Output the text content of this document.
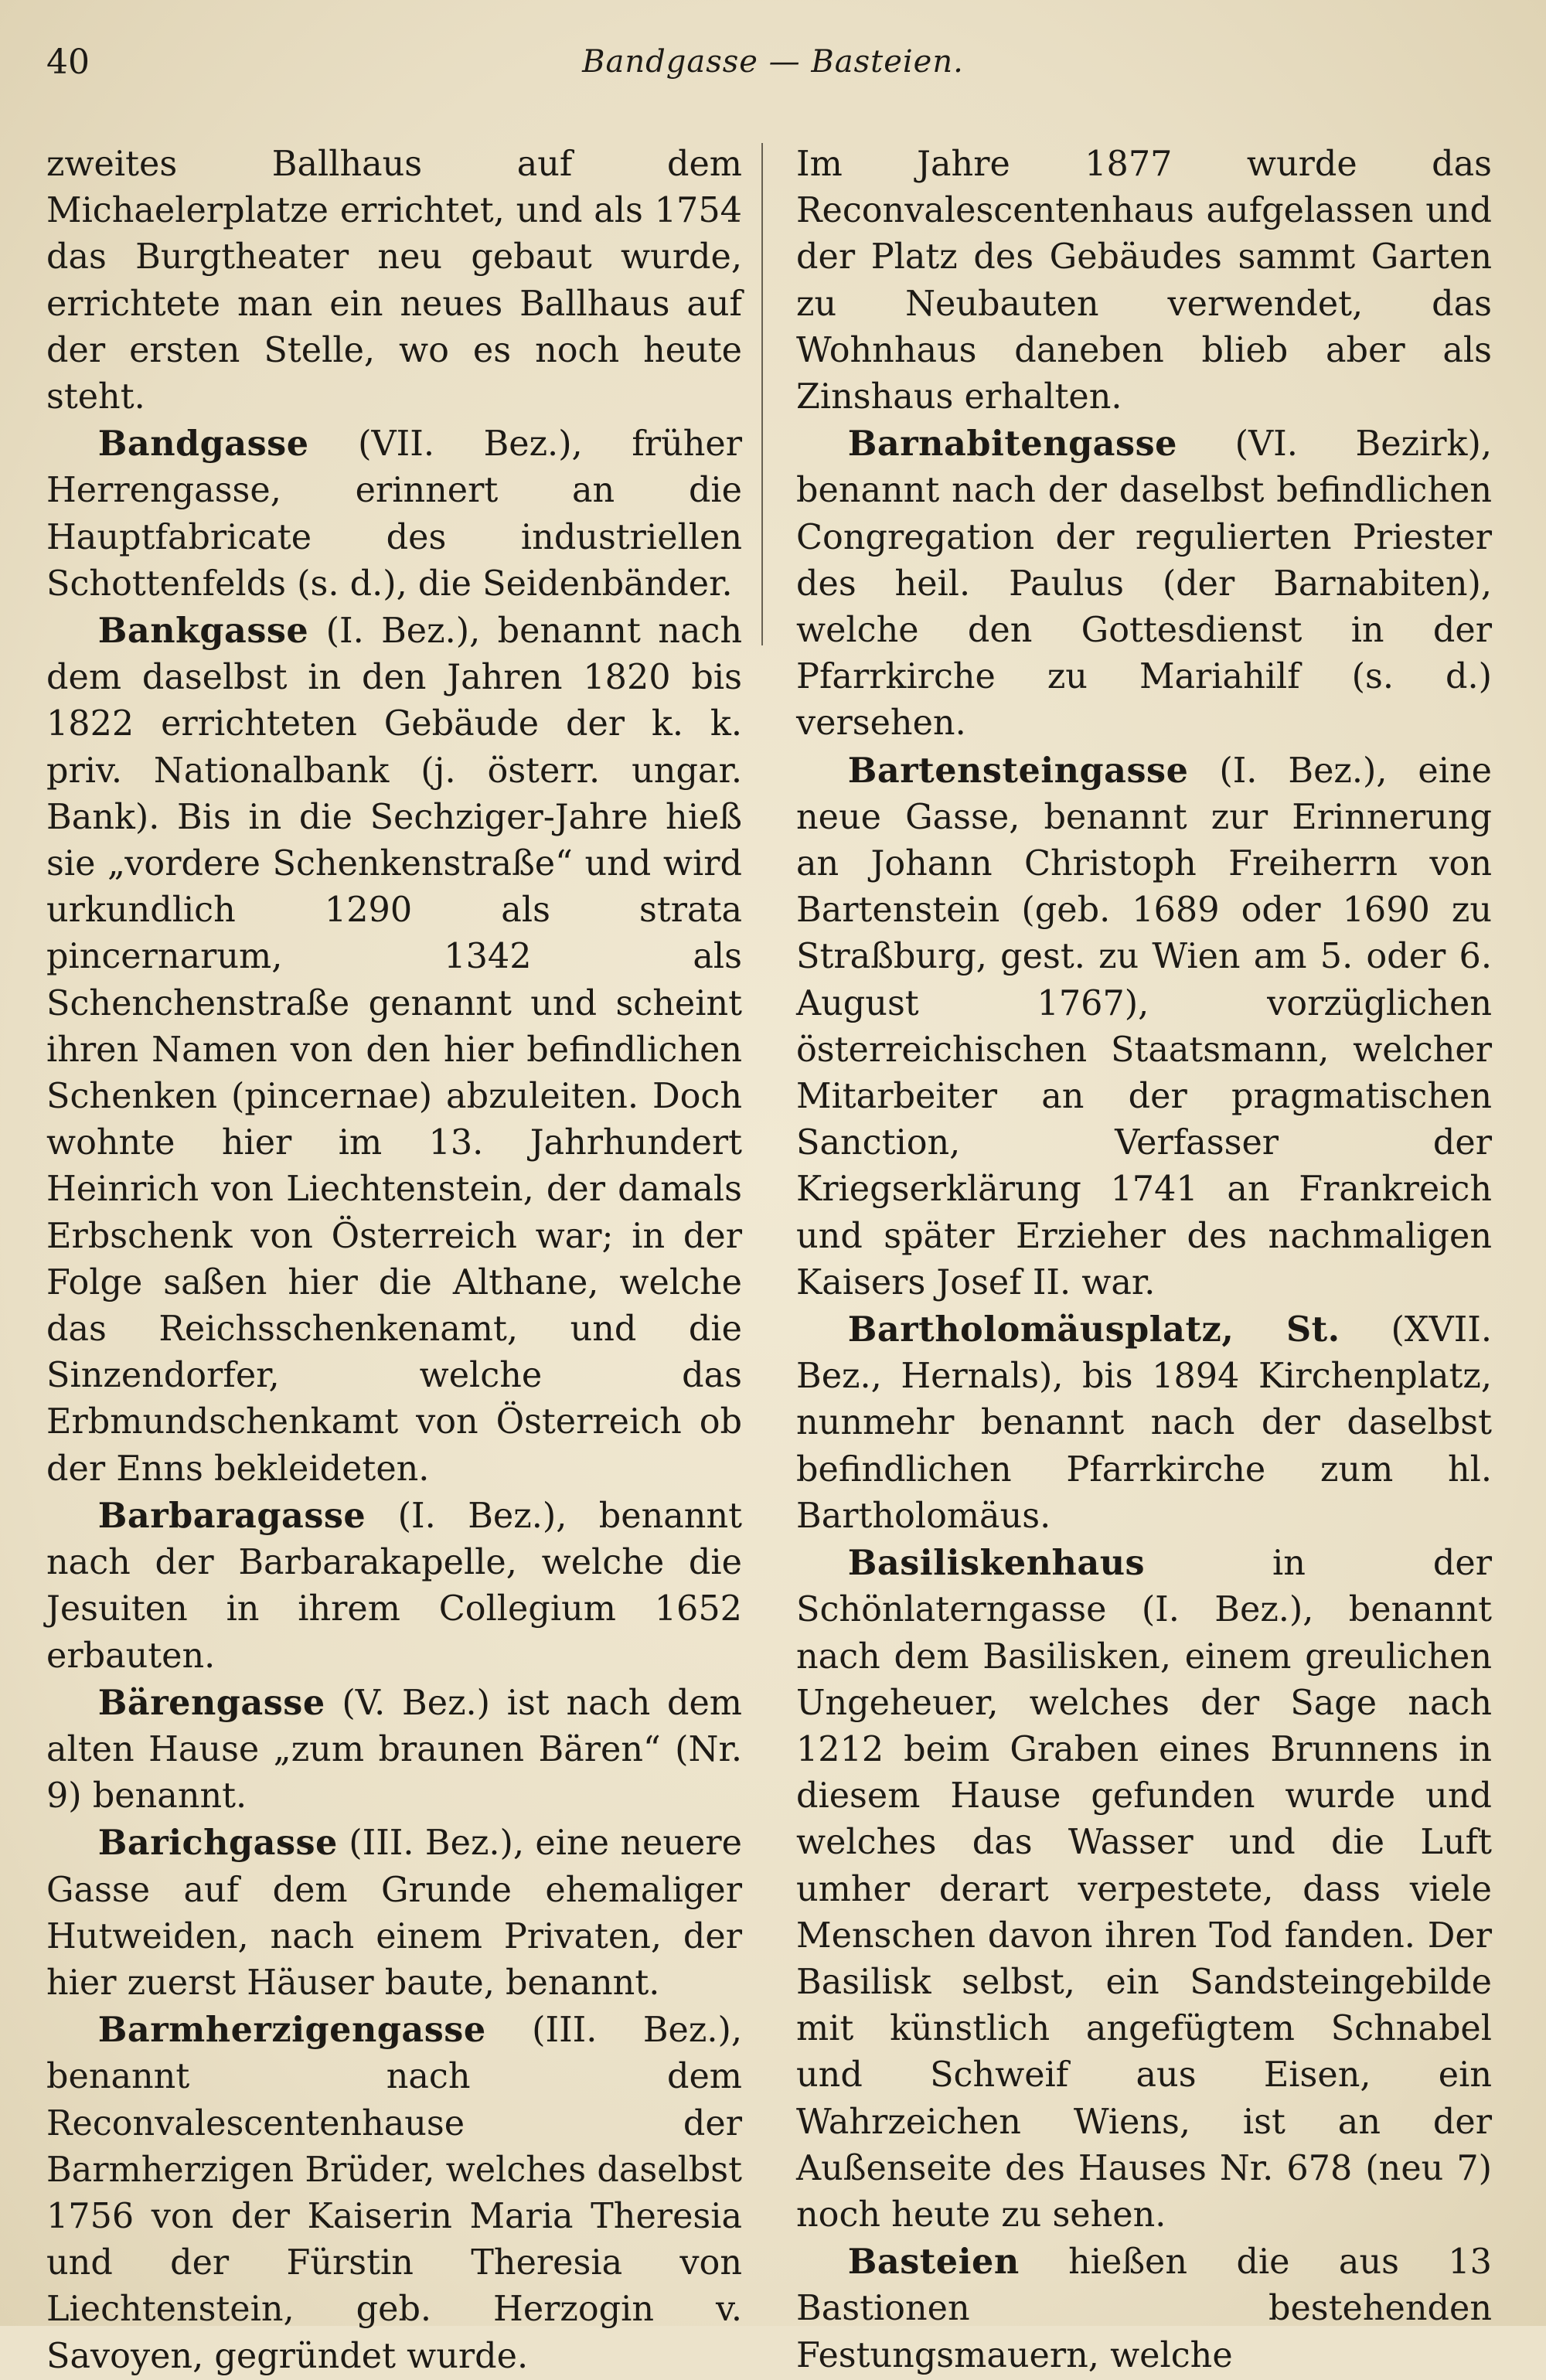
40	Bandgasse — Basteien.

zweites Ballhaus auf dem Michaelerplatze errichtet, und als 1754 das Burgtheater neu gebaut wurde, errichtete man ein neues Ballhaus auf der ersten Stelle, wo es noch heute steht.

Bandgasse (VII. Bez.), früher Herrengasse, erinnert an die Hauptfabricate des industriellen Schottenfelds (s. d.), die Seidenbänder.

Bankgasse (I. Bez.), benannt nach dem daselbst in den Jahren 1820 bis 1822 errichteten Gebäude der k. k. priv. Nationalbank (j. österr. ungar. Bank). Bis in die Sechziger-Jahre hieß sie „vordere Schenkenstraße“ und wird urkundlich 1290 als strata pincernarum, 1342 als Schenchenstraße genannt und scheint ihren Namen von den hier befindlichen Schenken (pincernae) abzuleiten. Doch wohnte hier im 13. Jahrhundert Heinrich von Liechtenstein, der damals Erbschenk von Österreich war; in der Folge saßen hier die Althane, welche das Reichsschenkenamt, und die Sinzendorfer, welche das Erbmundschenkamt von Österreich ob der Enns bekleideten.

Barbaragasse (I. Bez.), benannt nach der Barbarakapelle, welche die Jesuiten in ihrem Collegium 1652 erbauten.

Bärengasse (V. Bez.) ist nach dem alten Hause „zum braunen Bären“ (Nr. 9) benannt.

Barichgasse (III. Bez.), eine neuere Gasse auf dem Grunde ehemaliger Hutweiden, nach einem Privaten, der hier zuerst Häuser baute, benannt.

Barmherzigengasse (III. Bez.), benannt nach dem Reconvalescentenhause der Barmherzigen Brüder, welches daselbst 1756 von der Kaiserin Maria Theresia und der Fürstin Theresia von Liechtenstein, geb. Herzogin v. Savoyen, gegründet wurde.

Im Jahre 1877 wurde das Reconvalescentenhaus aufgelassen und der Platz des Gebäudes sammt Garten zu Neubauten verwendet, das Wohnhaus daneben blieb aber als Zinshaus erhalten.

Barnabitengasse (VI. Bezirk), benannt nach der daselbst befindlichen Congregation der regulierten Priester des heil. Paulus (der Barnabiten), welche den Gottesdienst in der Pfarrkirche zu Mariahilf (s. d.) versehen.

Bartensteingasse (I. Bez.), eine neue Gasse, benannt zur Erinnerung an Johann Christoph Freiherrn von Bartenstein (geb. 1689 oder 1690 zu Straßburg, gest. zu Wien am 5. oder 6. August 1767), vorzüglichen österreichischen Staatsmann, welcher Mitarbeiter an der pragmatischen Sanction, Verfasser der Kriegserklärung 1741 an Frankreich und später Erzieher des nachmaligen Kaisers Josef II. war.

Bartholomäusplatz, St. (XVII. Bez., Hernals), bis 1894 Kirchenplatz, nunmehr benannt nach der daselbst befindlichen Pfarrkirche zum hl. Bartholomäus.

Basiliskenhaus in der Schönlaterngasse (I. Bez.), benannt nach dem Basilisken, einem greulichen Ungeheuer, welches der Sage nach 1212 beim Graben eines Brunnens in diesem Hause gefunden wurde und welches das Wasser und die Luft umher derart verpestete, dass viele Menschen davon ihren Tod fanden. Der Basilisk selbst, ein Sandsteingebilde mit künstlich angefügtem Schnabel und Schweif aus Eisen, ein Wahrzeichen Wiens, ist an der Außenseite des Hauses Nr. 678 (neu 7) noch heute zu sehen.

Basteien hießen die aus 13 Bastionen bestehenden Festungsmauern, welche
